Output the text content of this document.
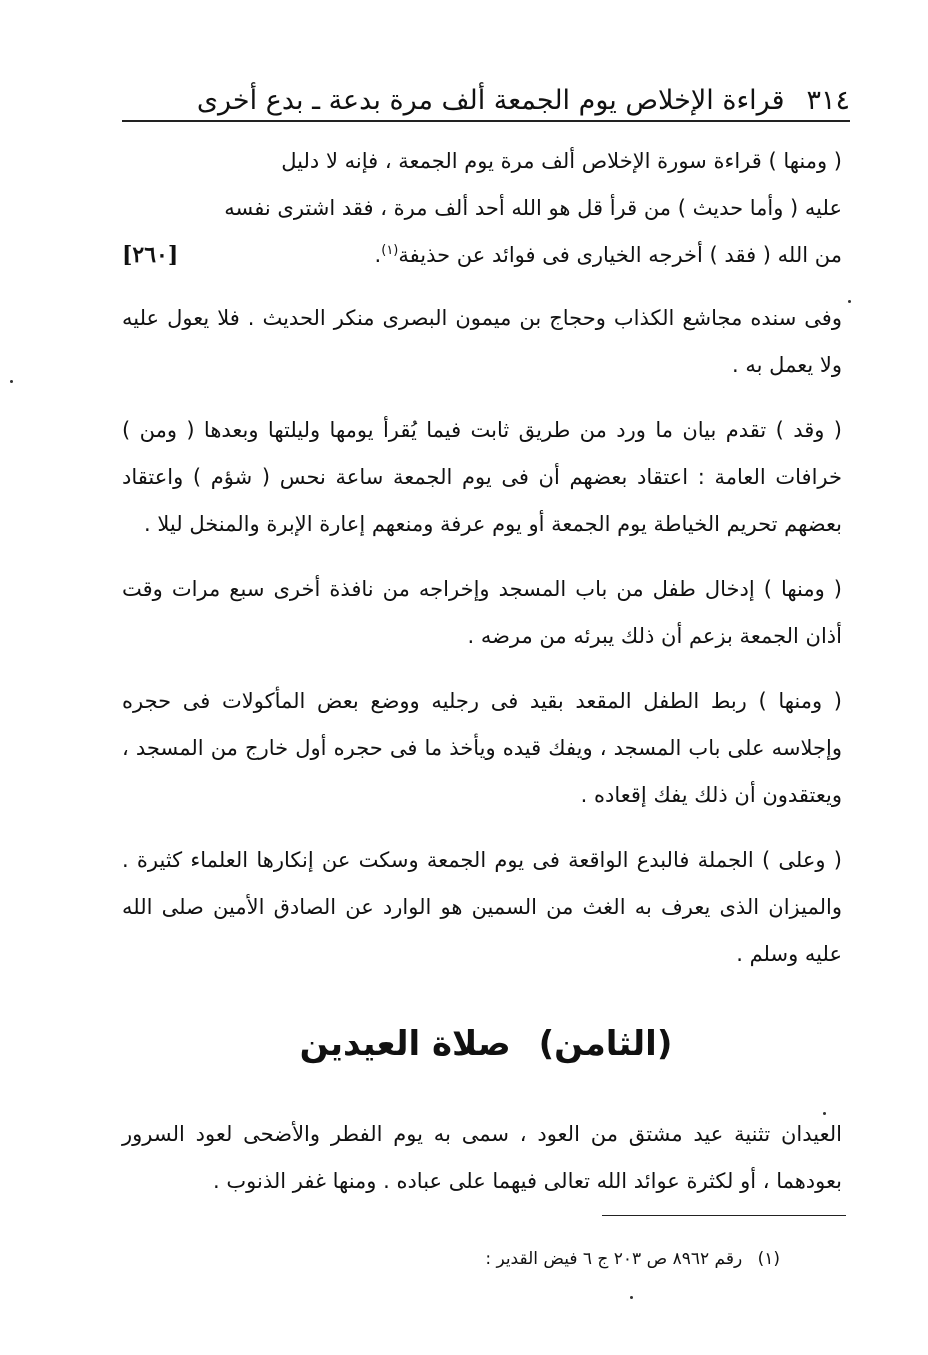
٣١٤
قراءة الإخلاص يوم الجمعة ألف مرة بدعة ـ بدع أخرى
( ومنها ) قراءة سورة الإخلاص ألف مرة يوم الجمعة ، فإنه لا دليل
عليه ( وأما حديث ) من قرأ قل هو الله أحد ألف مرة ، فقد اشترى نفسه
من الله ( فقد ) أخرجه الخيارى فى فوائد عن حذيفة$^{(١)}$.
[٢٦٠]

وفى سنده مجاشع الكذاب وحجاج بن ميمون البصرى منكر الحديث . فلا يعول عليه ولا يعمل به .

( وقد ) تقدم بيان ما ورد من طريق ثابت فيما يُقرأ يومها وليلتها وبعدها ( ومن ) خرافات العامة : اعتقاد بعضهم أن فى يوم الجمعة ساعة نحس ( شؤم ) واعتقاد بعضهم تحريم الخياطة يوم الجمعة أو يوم عرفة ومنعهم إعارة الإبرة والمنخل ليلا .

( ومنها ) إدخال طفل من باب المسجد وإخراجه من نافذة أخرى سبع مرات وقت أذان الجمعة بزعم أن ذلك يبرئه من مرضه .

( ومنها ) ربط الطفل المقعد بقيد فى رجليه ووضع بعض المأكولات فى حجره وإجلاسه على باب المسجد ، ويفك قيده ويأخذ ما فى حجره أول خارج من المسجد ، ويعتقدون أن ذلك يفك إقعاده .

( وعلى ) الجملة فالبدع الواقعة فى يوم الجمعة وسكت عن إنكارها العلماء كثيرة . والميزان الذى يعرف به الغث من السمين هو الوارد عن الصادق الأمين صلى الله عليه وسلم .

(الثامن) صلاة العيدين

العيدان تثنية عيد مشتق من العود ، سمى به يوم الفطر والأضحى لعود السرور بعودهما ، أو لكثرة عوائد الله تعالى فيهما على عباده . ومنها غفر الذنوب .

(١) رقم ٨٩٦٢ ص ٢٠٣ ج ٦ فيض القدير :
